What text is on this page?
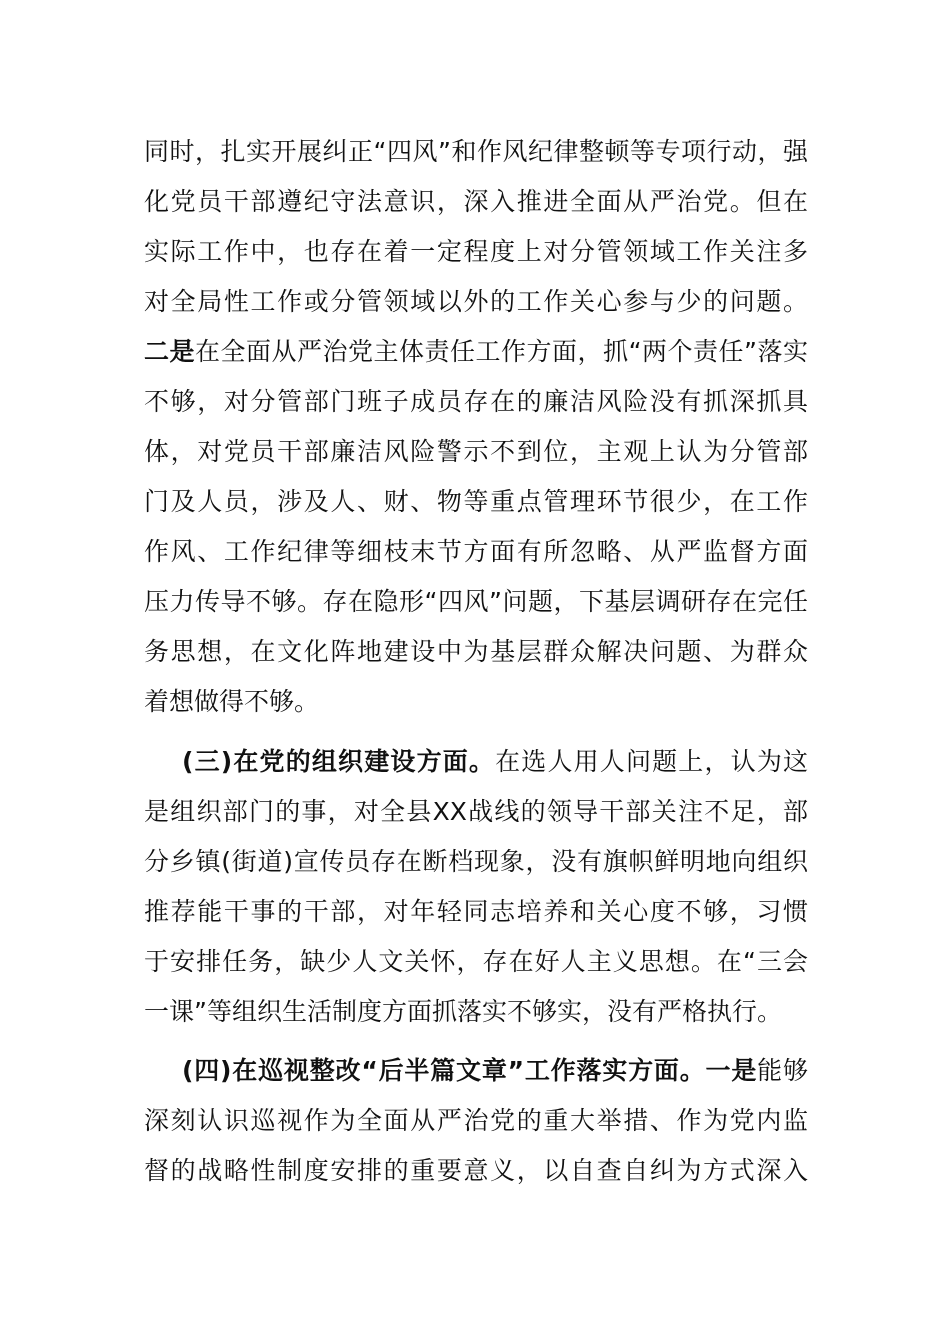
同时，扎实开展纠正“四风”和作风纪律整顿等专项行动，强
化党员干部遵纪守法意识，深入推进全面从严治党。但在
实际工作中，也存在着一定程度上对分管领域工作关注多
对全局性工作或分管领域以外的工作关心参与少的问题。
二是在全面从严治党主体责任工作方面，抓“两个责任”落实
不够，对分管部门班子成员存在的廉洁风险没有抓深抓具
体，对党员干部廉洁风险警示不到位，主观上认为分管部
门及人员，涉及人、财、物等重点管理环节很少，在工作
作风、工作纪律等细枝末节方面有所忽略、从严监督方面
压力传导不够。存在隐形“四风”问题，下基层调研存在完任
务思想，在文化阵地建设中为基层群众解决问题、为群众
着想做得不够。
(三)在党的组织建设方面。在选人用人问题上，认为这
是组织部门的事，对全县XX战线的领导干部关注不足，部
分乡镇(街道)宣传员存在断档现象，没有旗帜鲜明地向组织
推荐能干事的干部，对年轻同志培养和关心度不够，习惯
于安排任务，缺少人文关怀，存在好人主义思想。在“三会
一课”等组织生活制度方面抓落实不够实，没有严格执行。
(四)在巡视整改“后半篇文章”工作落实方面。一是能够
深刻认识巡视作为全面从严治党的重大举措、作为党内监
督的战略性制度安排的重要意义，以自查自纠为方式深入
